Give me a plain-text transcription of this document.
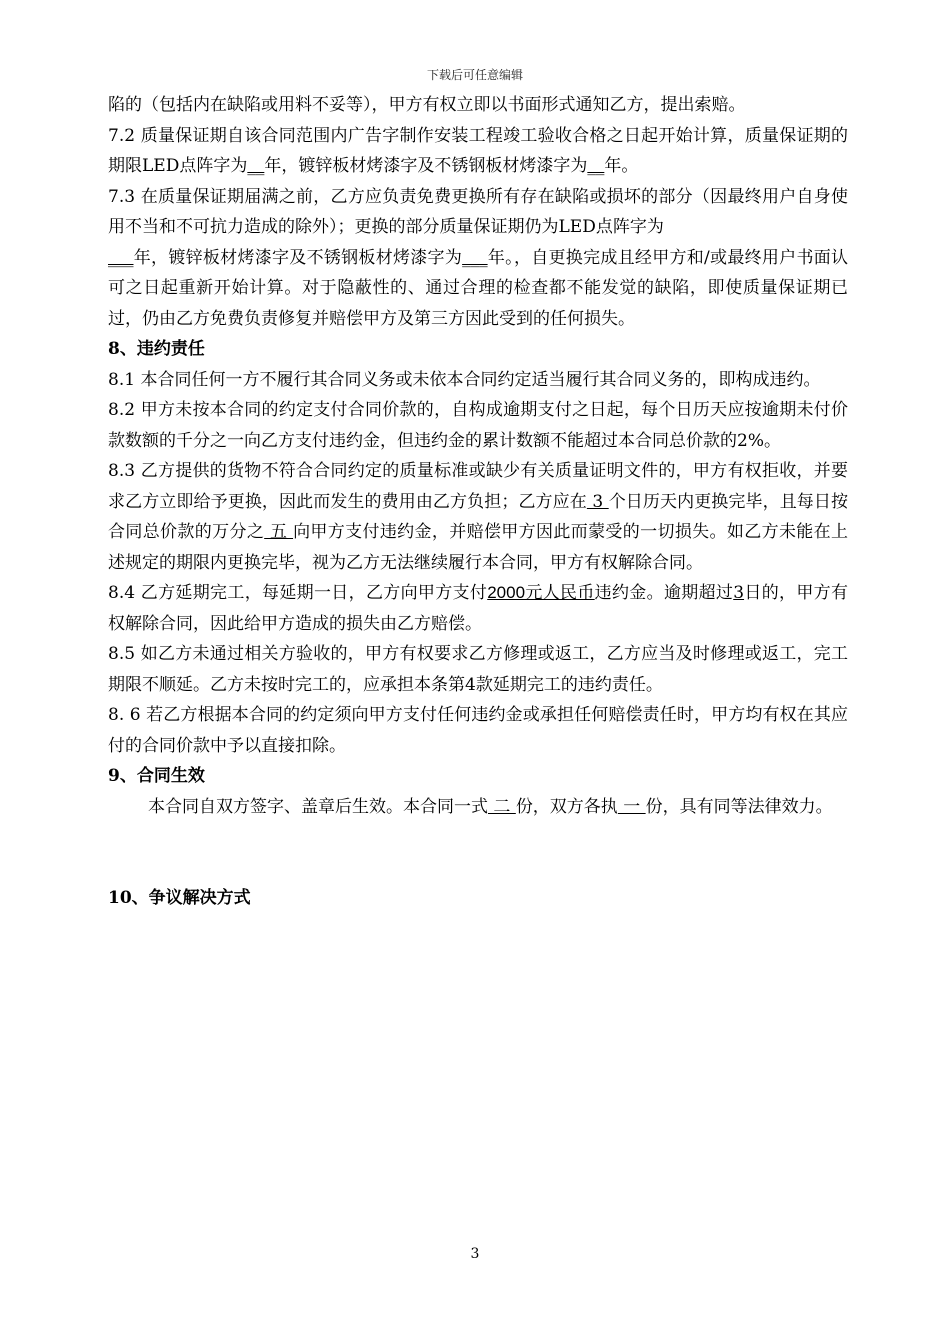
下载后可任意编辑

陷的（包括内在缺陷或用料不妥等），甲方有权立即以书面形式通知乙方，提出索赔。

7.2 质量保证期自该合同范围内广告字制作安装工程竣工验收合格之日起开始计算，质量保证期的期限LED点阵字为__年，镀锌板材烤漆字及不锈钢板材烤漆字为__年。

7.3 在质量保证期届满之前，乙方应负责免费更换所有存在缺陷或损坏的部分（因最终用户自身使用不当和不可抗力造成的除外）；更换的部分质量保证期仍为LED点阵字为
___年，镀锌板材烤漆字及不锈钢板材烤漆字为___年。，自更换完成且经甲方和/或最终用户书面认可之日起重新开始计算。对于隐蔽性的、通过合理的检查都不能发觉的缺陷，即使质量保证期已过，仍由乙方免费负责修复并赔偿甲方及第三方因此受到的任何损失。

8、违约责任

8.1 本合同任何一方不履行其合同义务或未依本合同约定适当履行其合同义务的，即构成违约。

8.2 甲方未按本合同的约定支付合同价款的，自构成逾期支付之日起，每个日历天应按逾期未付价款数额的千分之一向乙方支付违约金，但违约金的累计数额不能超过本合同总价款的2%。

8.3 乙方提供的货物不符合合同约定的质量标准或缺少有关质量证明文件的，甲方有权拒收，并要求乙方立即给予更换，因此而发生的费用由乙方负担；乙方应在 3 个日历天内更换完毕，且每日按合同总价款的万分之 五 向甲方支付违约金，并赔偿甲方因此而蒙受的一切损失。如乙方未能在上述规定的期限内更换完毕，视为乙方无法继续履行本合同，甲方有权解除合同。

8.4 乙方延期完工，每延期一日，乙方向甲方支付2000元人民币违约金。逾期超过3日的，甲方有权解除合同，因此给甲方造成的损失由乙方赔偿。

8.5 如乙方未通过相关方验收的，甲方有权要求乙方修理或返工，乙方应当及时修理或返工，完工期限不顺延。乙方未按时完工的，应承担本条第4款延期完工的违约责任。

8. 6 若乙方根据本合同的约定须向甲方支付任何违约金或承担任何赔偿责任时，甲方均有权在其应付的合同价款中予以直接扣除。

9、合同生效

本合同自双方签字、盖章后生效。本合同一式 二 份，双方各执 一 份，具有同等法律效力。

10、争议解决方式

3
